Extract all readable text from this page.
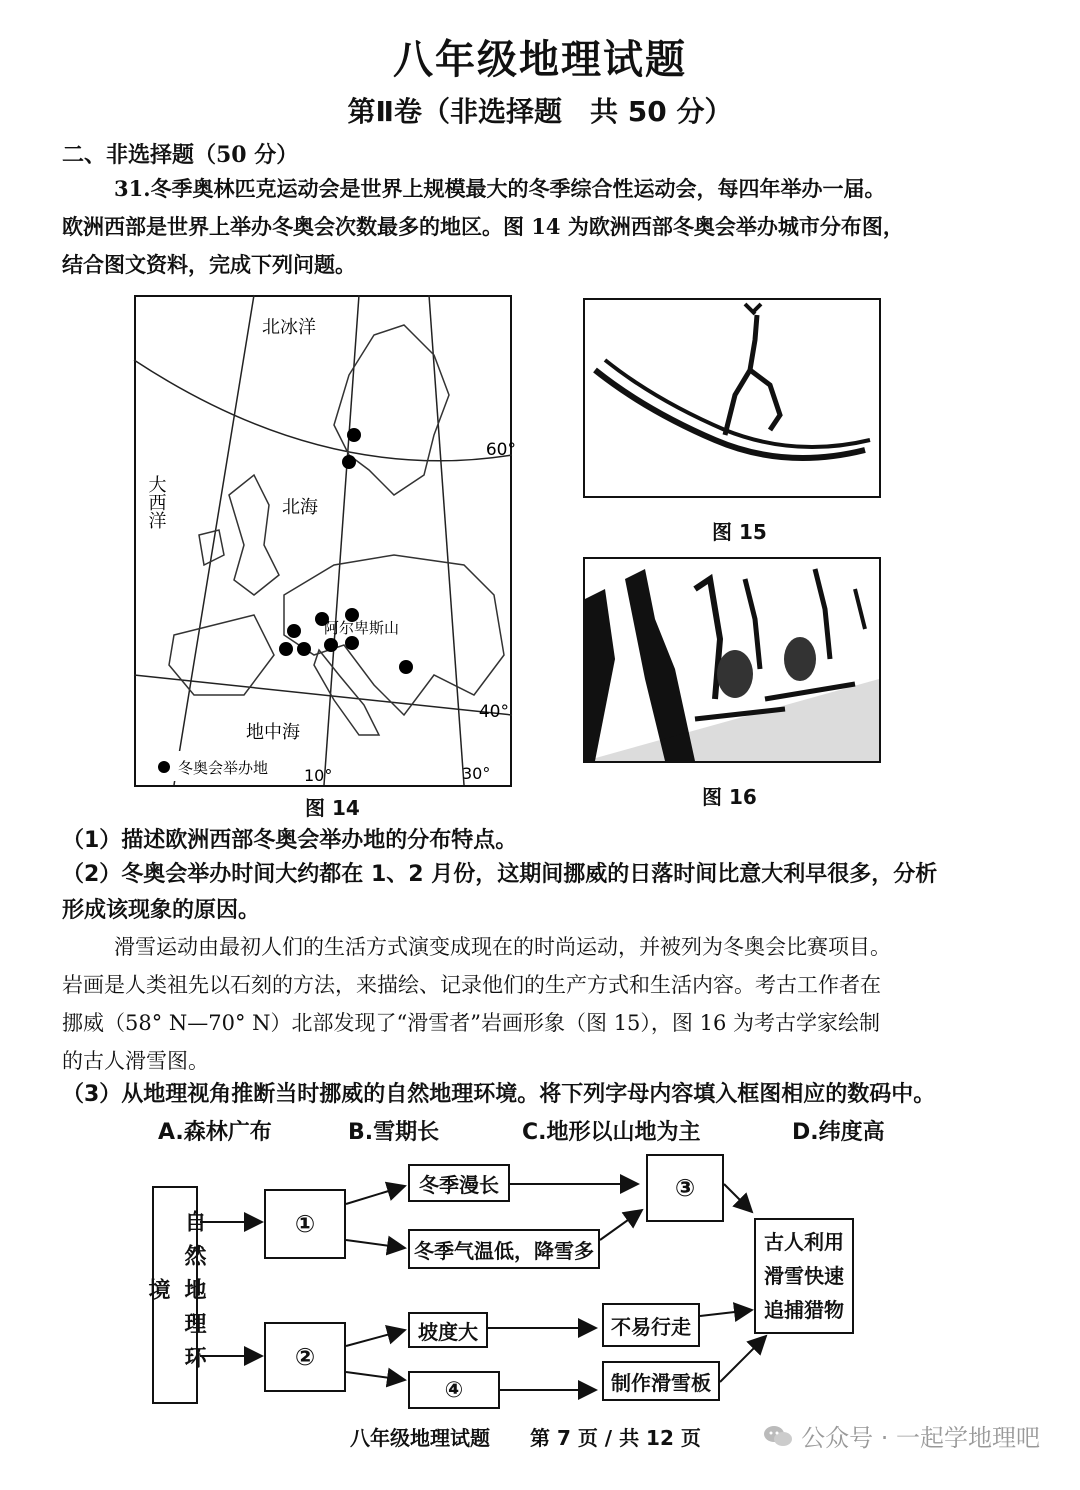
八年级地理试题
第Ⅱ卷（非选择题　共 50 分）
二、非选择题（50 分）
31.冬季奥林匹克运动会是世界上规模最大的冬季综合性运动会，每四年举办一届。
欧洲西部是世界上举办冬奥会次数最多的地区。图 14 为欧洲西部冬奥会举办城市分布图，
结合图文资料，完成下列问题。
北冰洋
大西洋	北海
地中海
阿尔卑斯山
60°
40°
10°	30°
冬奥会举办地
图 14
图 15
图 16
（1）描述欧洲西部冬奥会举办地的分布特点。
（2）冬奥会举办时间大约都在 1、2 月份，这期间挪威的日落时间比意大利早很多，分析
形成该现象的原因。
滑雪运动由最初人们的生活方式演变成现在的时尚运动，并被列为冬奥会比赛项目。
岩画是人类祖先以石刻的方法，来描绘、记录他们的生产方式和生活内容。考古工作者在
挪威（58° N—70° N）北部发现了“滑雪者”岩画形象（图 15），图 16 为考古学家绘制
的古人滑雪图。
（3）从地理视角推断当时挪威的自然地理环境。将下列字母内容填入框图相应的数码中。
A.森林广布	B.雪期长	C.地形以山地为主	D.纬度高
自然地理环境
①
②
③
④
冬季漫长
冬季气温低，降雪多
坡度大	不易行走
制作滑雪板
古人利用
滑雪快速
追捕猎物
八年级地理试题　　第 7 页 / 共 12 页	公众号 · 一起学地理吧
